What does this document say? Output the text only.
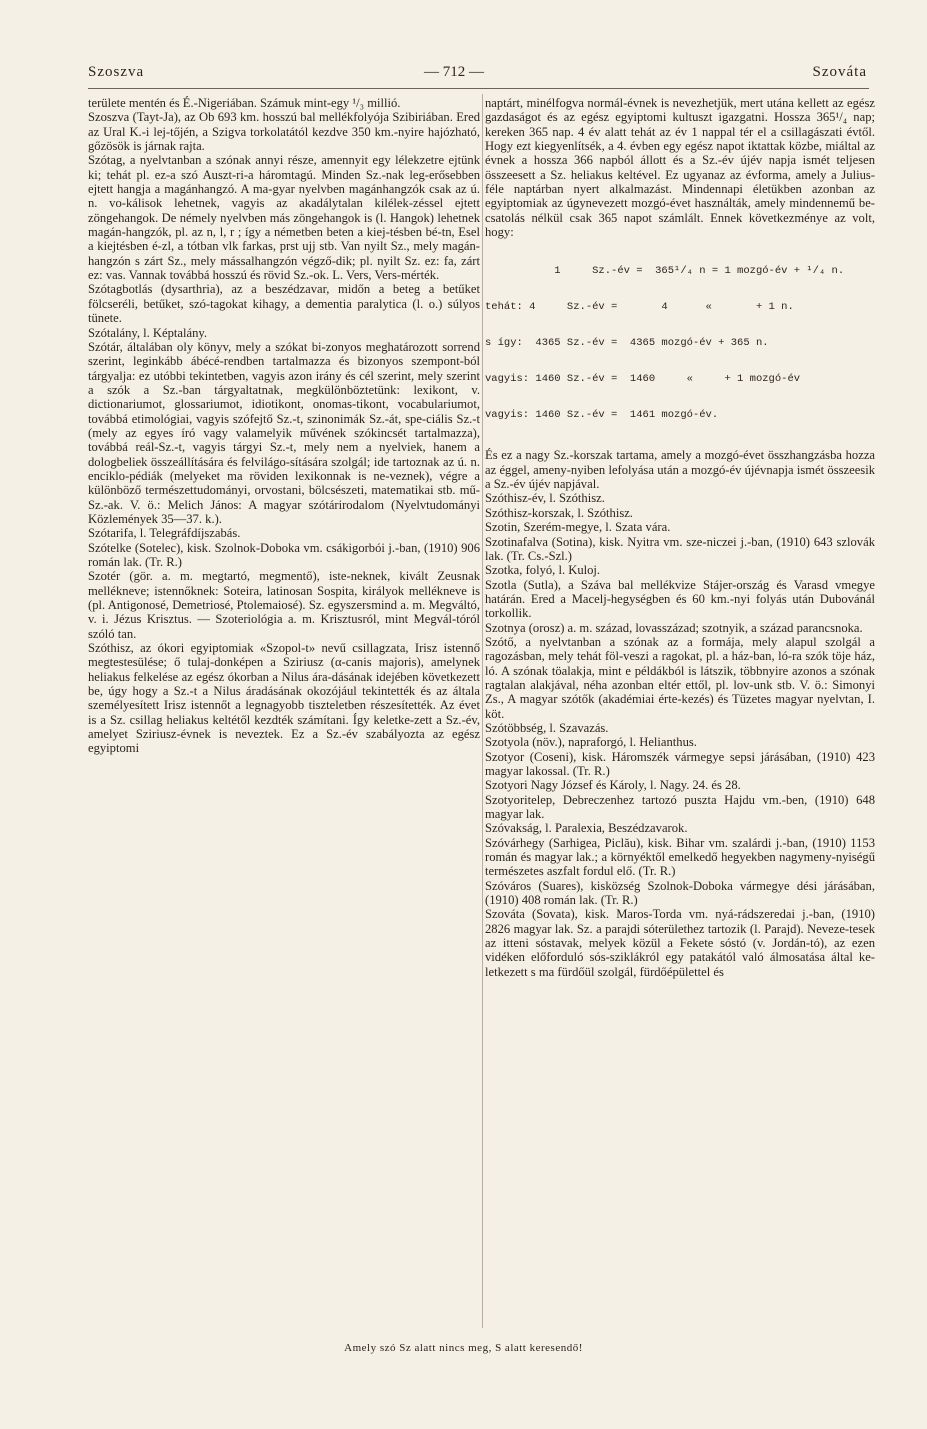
Szoszva	— 712 —	Szováta

területe mentén és É.-Nigeriában. Számuk mint-egy ¹/₃ millió.

Szoszva (Tayt-Ja), az Ob 693 km. hosszú bal mellékfolyója Szibiriában. Ered az Ural K.-i lej-tőjén, a Szigva torkolatától kezdve 350 km.-nyire hajózható, gőzösök is járnak rajta.

Szótag, a nyelvtanban a szónak annyi része, amennyit egy lélekzetre ejtünk ki; tehát pl. ez-a szó Auszt-ri-a háromtagú. Minden Sz.-nak leg-erősebben ejtett hangja a magánhangzó. A ma-gyar nyelvben magánhangzók csak az ú. n. vo-kálisok lehetnek, vagyis az akadálytalan kilélek-zéssel ejtett zöngehangok. De némely nyelvben más zöngehangok is (l. Hangok) lehetnek magán-hangzók, pl. az n, l, r ; így a németben beten a kiej-tésben bé-tn, Esel a kiejtésben é-zl, a tótban vlk farkas, prst ujj stb. Van nyilt Sz., mely magán-hangzón s zárt Sz., mely mássalhangzón végző-dik; pl. nyilt Sz. ez: fa, zárt ez: vas. Vannak továbbá hosszú és rövid Sz.-ok. L. Vers, Vers-mérték.

Szótagbotlás (dysarthria), az a beszédzavar, midőn a beteg a betűket fölcseréli, betűket, szó-tagokat kihagy, a dementia paralytica (l. o.) súlyos tünete.

Szótalány, l. Képtalány.

Szótár, általában oly könyv, mely a szókat bi-zonyos meghatározott sorrend szerint, leginkább ábécé-rendben tartalmazza és bizonyos szempont-ból tárgyalja: ez utóbbi tekintetben, vagyis azon irány és cél szerint, mely szerint a szók a Sz.-ban tárgyaltatnak, megkülönböztetünk: lexikont, v. dictionariumot, glossariumot, idiotikont, onomas-tikont, vocabulariumot, továbbá etimológiai, vagyis szófejtő Sz.-t, szinonimák Sz.-át, spe-ciális Sz.-t (mely az egyes író vagy valamelyik művének szókincsét tartalmazza), továbbá reál-Sz.-t, vagyis tárgyi Sz.-t, mely nem a nyelviek, hanem a dologbeliek összeállítására és felvilágo-sítására szolgál; ide tartoznak az ú. n. enciklo-pédiák (melyeket ma röviden lexikonnak is ne-veznek), végre a különböző természettudományi, orvostani, bölcsészeti, matematikai stb. mű-Sz.-ak. V. ö.: Melich János: A magyar szótárirodalom (Nyelvtudományi Közlemények 35—37. k.).

Szótarifa, l. Telegráfdíjszabás.

Szótelke (Sotelec), kisk. Szolnok-Doboka vm. csákigorbói j.-ban, (1910) 906 román lak. (Tr. R.)

Szotér (gör. a. m. megtartó, megmentő), iste-neknek, kivált Zeusnak melléknevе; istennőknek: Soteira, latinosan Sospita, királyok mellékneve is (pl. Antigonosé, Demetriosé, Ptolemaiosé). Sz. egyszersmind a. m. Megváltó, v. i. Jézus Krisztus. — Szoteriológia a. m. Krisztusról, mint Megvál-tóról szóló tan.

Szóthisz, az ókori egyiptomiak «Szopol-t» nevű csillagzata, Irisz istennő megtestesülése; ő tulaj-donképen a Sziriusz (α-canis majoris), amelynek heliakus felkelése az egész ókorban a Nilus ára-dásának idejében következett be, úgy hogy a Sz.-t a Nilus áradásának okozójául tekintették és az általa személyesített Irisz istennőt a legnagyobb tiszteletben részesítették. Az évet is a Sz. csillag heliakus keltétől kezdték számítani. Így keletke-zett a Sz.-év, amelyet Sziriusz-évnek is neveztek. Ez a Sz.-év szabályozta az egész egyiptomi

naptárt, minélfogva normál-évnek is nevezhetjük, mert utána kellett az egész gazdaságot és az egész egyiptomi kultuszt igazgatni. Hossza 365¹/₄ nap; kereken 365 nap. 4 év alatt tehát az év 1 nappal tér el a csillagászati évtől. Hogy ezt kiegyenlítsék, a 4. évben egy egész napot iktattak közbe, miáltal az évnek a hossza 366 napból állott és a Sz.-év újév napja ismét teljesen összeesett a Sz. heliakus keltével. Ez ugyanaz az évforma, amely a Julius-féle naptárban nyert alkalmazást. Mindennapi életükben azonban az egyiptomiak az úgynevezett mozgó-évet használták, amely mindennemű be-csatolás nélkül csak 365 napot számlált. Ennek következménye az volt, hogy:

1     Sz.-év =  365¹/₄ n = 1 mozgó-év + ¹/₄ n.

tehát: 4     Sz.-év =       4      «       + 1 n.

s így:  4365 Sz.-év =  4365 mozgó-év + 365 n.

vagyis: 1460 Sz.-év =  1460     «     + 1 mozgó-év

vagyis: 1460 Sz.-év =  1461 mozgó-év.

És ez a nagy Sz.-korszak tartama, amely a mozgó-évet összhangzásba hozza az éggel, ameny-nyiben lefolyása után a mozgó-év újévnapja ismét összeesik a Sz.-év újév napjával.

Szóthisz-év, l. Szóthisz.

Szóthisz-korszak, l. Szóthisz.

Szotin, Szerém-megye, l. Szata vára.

Szotinafalva (Sotina), kisk. Nyitra vm. sze-niczei j.-ban, (1910) 643 szlovák lak. (Tr. Cs.-Szl.)

Szotka, folyó, l. Kuloj.

Szotla (Sutla), a Száva bal mellékvize Stájer-ország és Varasd vmegye határán. Ered a Macelj-hegységben és 60 km.-nyi folyás után Dubovánál torkollik.

Szotnya (orosz) a. m. század, lovasszázad; szotnyik, a század parancsnoka.

Szótő, a nyelvtanban a szónak az a formája, mely alapul szolgál a ragozásban, mely tehát föl-veszi a ragokat, pl. a ház-ban, ló-ra szók töje ház, ló. A szónak töalakja, mint e példákból is látszik, többnyire azonos a szónak ragtalan alakjával, néha azonban eltér ettől, pl. lov-unk stb. V. ö.: Simonyi Zs., A magyar szótők (akadémiai érte-kezés) és Tüzetes magyar nyelvtan, I. köt.

Szótöbbség, l. Szavazás.

Szotyola (növ.), napraforgó, l. Helianthus.

Szotyor (Coseni), kisk. Háromszék vármegye sepsi járásában, (1910) 423 magyar lakossal. (Tr. R.)

Szotyori Nagy József és Károly, l. Nagy. 24. és 28.

Szotyoritelep, Debreczenhez tartozó puszta Hajdu vm.-ben, (1910) 648 magyar lak.

Szóvakság, l. Paralexia, Beszédzavarok.

Szóvárhegy (Sarhigea, Piclău), kisk. Bihar vm. szalárdi j.-ban, (1910) 1153 román és magyar lak.; a környéktől emelkedő hegyekben nagymeny-nyiségű természetes aszfalt fordul elő. (Tr. R.)

Szóváros (Suares), kisközség Szolnok-Doboka vármegye dési járásában, (1910) 408 román lak. (Tr. R.)

Szováta (Sovata), kisk. Maros-Torda vm. nyá-rádszeredai j.-ban, (1910) 2826 magyar lak. Sz. a parajdi sóterülethez tartozik (l. Parajd). Neveze-tesek az itteni sóstavak, melyek közül a Fekete sóstó (v. Jordán-tó), az ezen vidéken előforduló sós-sziklákról egy patakától való álmosatása által ke-letkezett s ma fürdőül szolgál, fürdőépülettel és

Amely szó Sz alatt nincs meg, S alatt keresendő!
